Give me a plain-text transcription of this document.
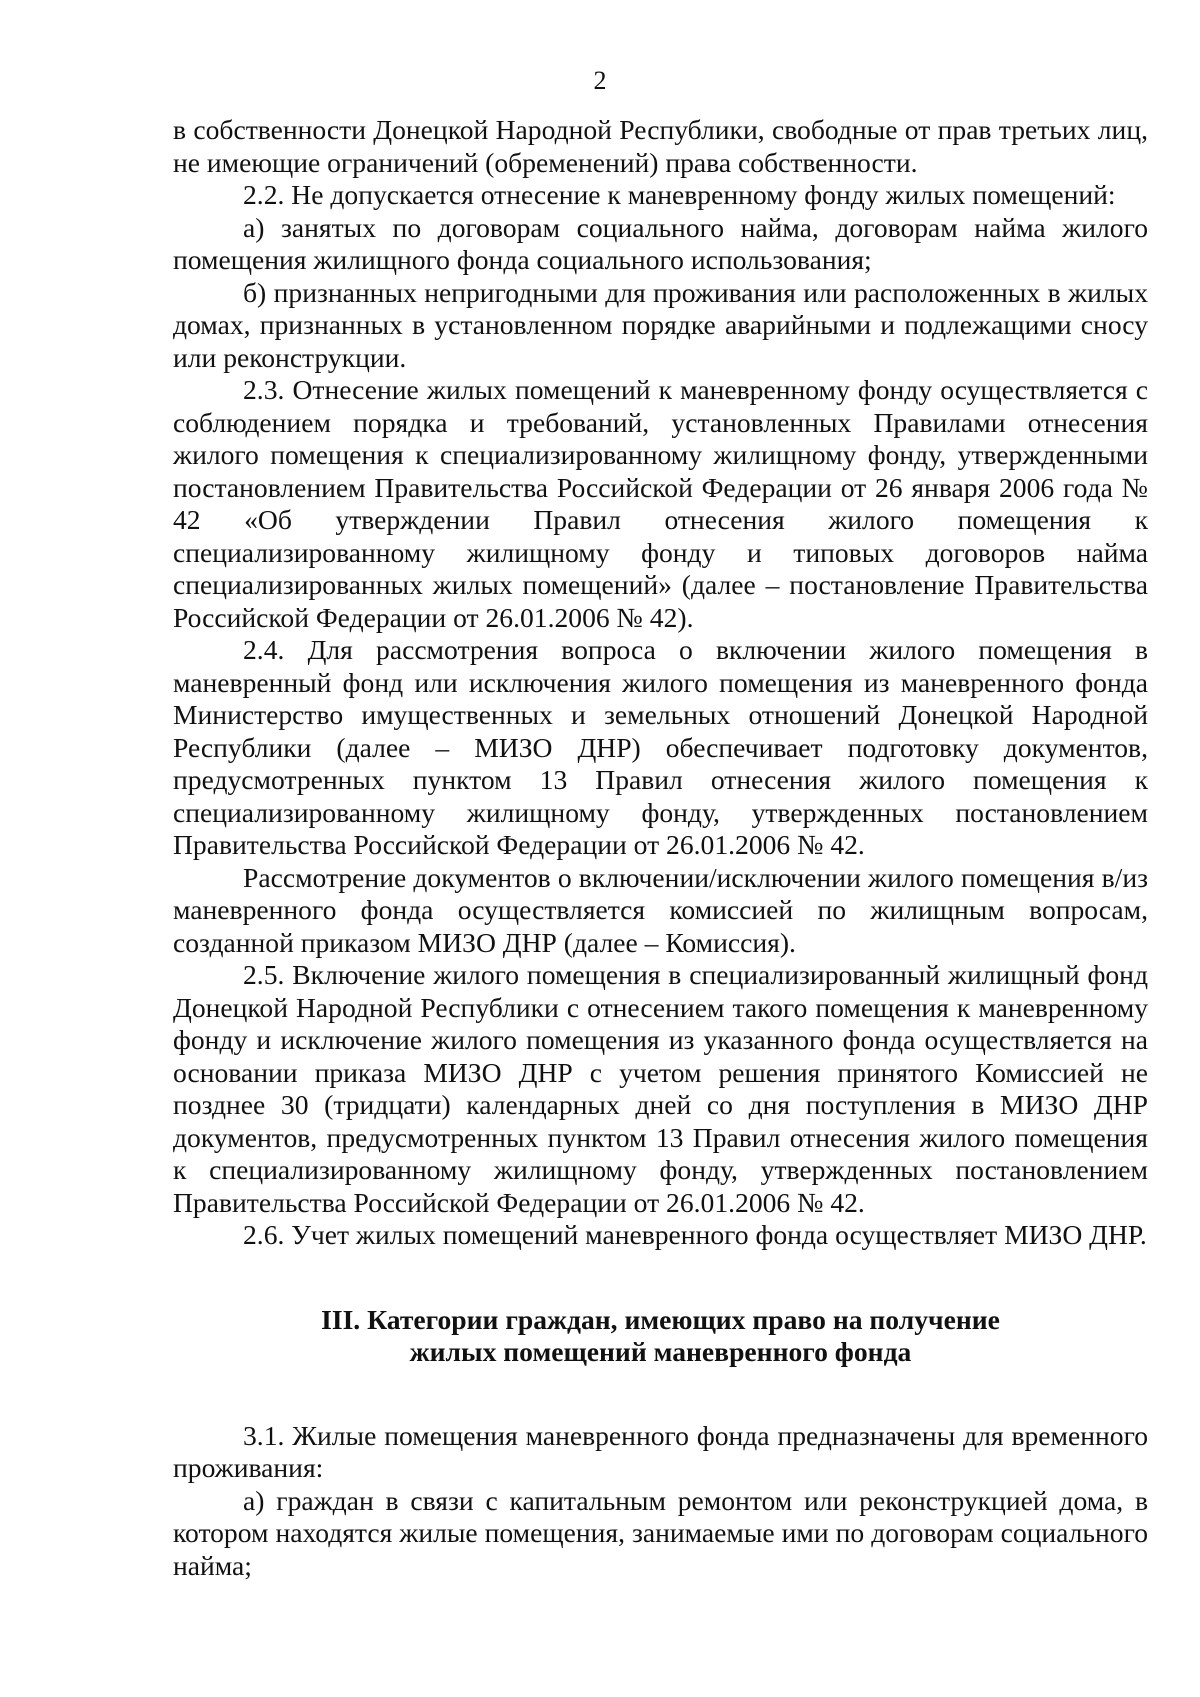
2

в собственности Донецкой Народной Республики, свободные от прав третьих лиц, не имеющие ограничений (обременений) права собственности.

2.2. Не допускается отнесение к маневренному фонду жилых помещений:

а) занятых по договорам социального найма, договорам найма жилого помещения жилищного фонда социального использования;

б) признанных непригодными для проживания или расположенных в жилых домах, признанных в установленном порядке аварийными и подлежащими сносу или реконструкции.

2.3. Отнесение жилых помещений к маневренному фонду осуществляется с соблюдением порядка и требований, установленных Правилами отнесения жилого помещения к специализированному жилищному фонду, утвержденными постановлением Правительства Российской Федерации от 26 января 2006 года № 42 «Об утверждении Правил отнесения жилого помещения к специализированному жилищному фонду и типовых договоров найма специализированных жилых помещений» (далее – постановление Правительства Российской Федерации от 26.01.2006 № 42).

2.4. Для рассмотрения вопроса о включении жилого помещения в маневренный фонд или исключения жилого помещения из маневренного фонда Министерство имущественных и земельных отношений Донецкой Народной Республики (далее – МИЗО ДНР) обеспечивает подготовку документов, предусмотренных пунктом 13 Правил отнесения жилого помещения к специализированному жилищному фонду, утвержденных постановлением Правительства Российской Федерации от 26.01.2006 № 42.

Рассмотрение документов о включении/исключении жилого помещения в/из маневренного фонда осуществляется комиссией по жилищным вопросам, созданной приказом МИЗО ДНР (далее – Комиссия).

2.5. Включение жилого помещения в специализированный жилищный фонд Донецкой Народной Республики с отнесением такого помещения к маневренному фонду и исключение жилого помещения из указанного фонда осуществляется на основании приказа МИЗО ДНР с учетом решения принятого Комиссией не позднее 30 (тридцати) календарных дней со дня поступления в МИЗО ДНР документов, предусмотренных пунктом 13 Правил отнесения жилого помещения к специализированному жилищному фонду, утвержденных постановлением Правительства Российской Федерации от 26.01.2006 № 42.

2.6. Учет жилых помещений маневренного фонда осуществляет МИЗО ДНР.

III. Категории граждан, имеющих право на получение
жилых помещений маневренного фонда

3.1. Жилые помещения маневренного фонда предназначены для временного проживания:

а) граждан в связи с капитальным ремонтом или реконструкцией дома, в котором находятся жилые помещения, занимаемые ими по договорам социального найма;
